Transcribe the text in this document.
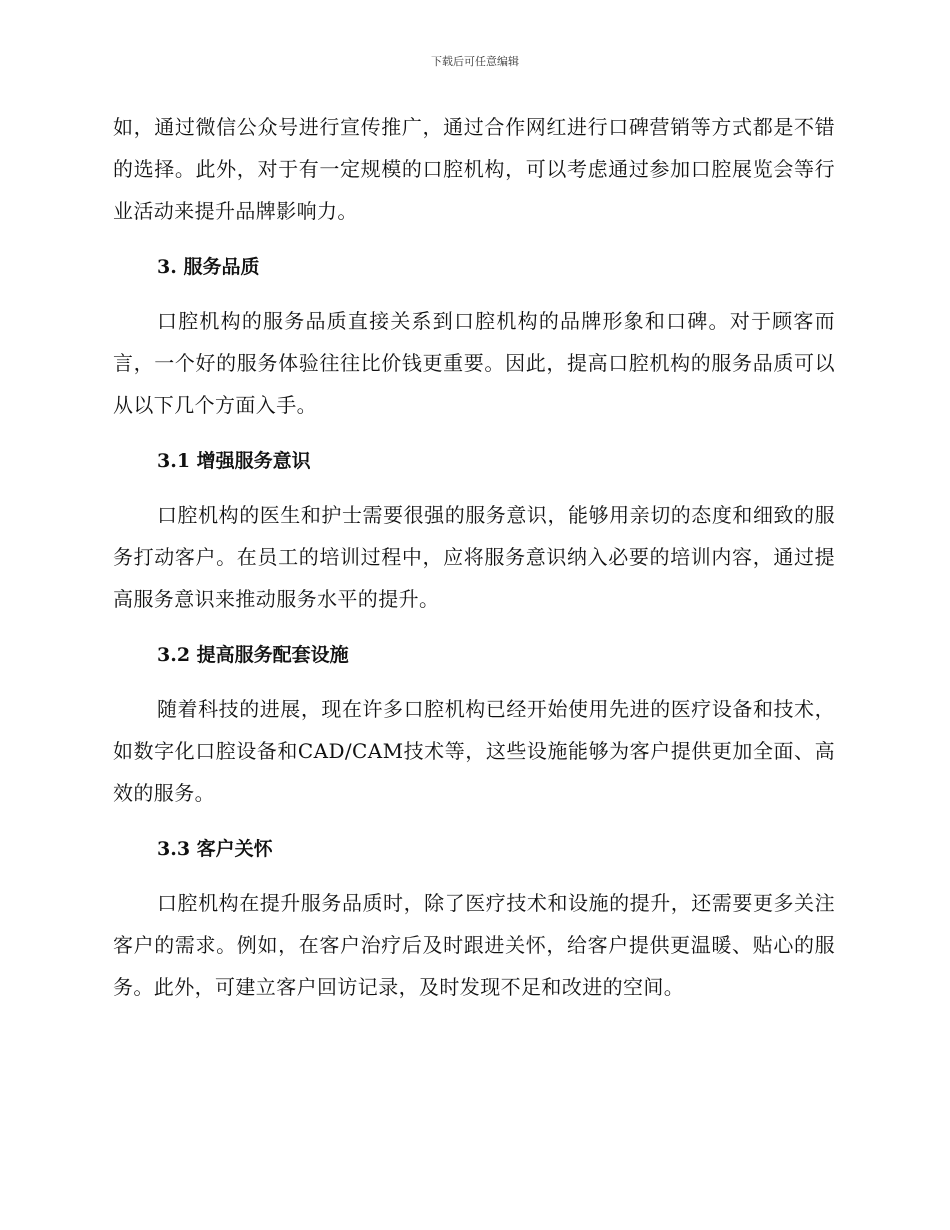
下载后可任意编辑

如，通过微信公众号进行宣传推广，通过合作网红进行口碑营销等方式都是不错的选择。此外，对于有一定规模的口腔机构，可以考虑通过参加口腔展览会等行业活动来提升品牌影响力。

3. 服务品质

口腔机构的服务品质直接关系到口腔机构的品牌形象和口碑。对于顾客而言，一个好的服务体验往往比价钱更重要。因此，提高口腔机构的服务品质可以从以下几个方面入手。

3.1 增强服务意识

口腔机构的医生和护士需要很强的服务意识，能够用亲切的态度和细致的服务打动客户。在员工的培训过程中，应将服务意识纳入必要的培训内容，通过提高服务意识来推动服务水平的提升。

3.2 提高服务配套设施

随着科技的进展，现在许多口腔机构已经开始使用先进的医疗设备和技术，如数字化口腔设备和CAD/CAM技术等，这些设施能够为客户提供更加全面、高效的服务。

3.3 客户关怀

口腔机构在提升服务品质时，除了医疗技术和设施的提升，还需要更多关注客户的需求。例如，在客户治疗后及时跟进关怀，给客户提供更温暖、贴心的服务。此外，可建立客户回访记录，及时发现不足和改进的空间。
